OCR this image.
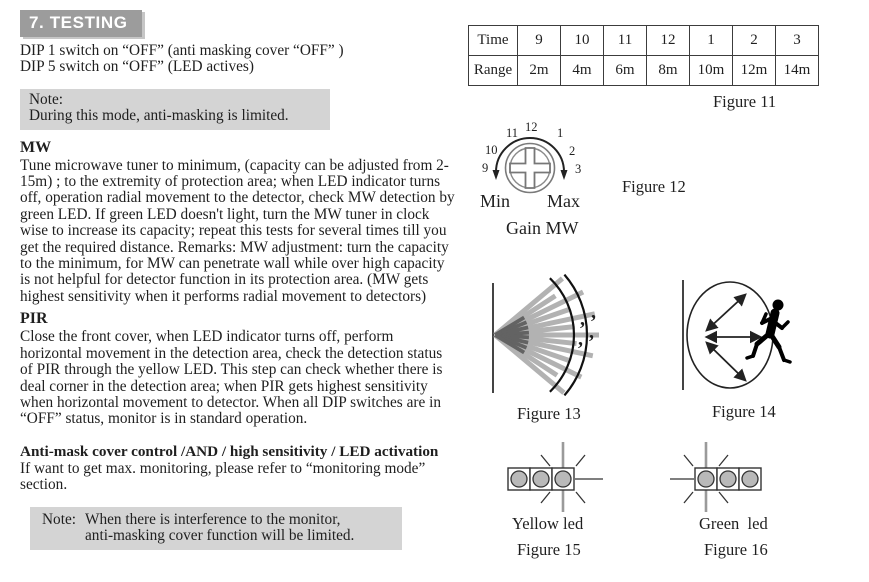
7. TESTING
DIP 1 switch on “OFF” (anti masking cover “OFF” )
DIP 5 switch on “OFF” (LED actives)
Note:
During this mode, anti-masking is limited.
MW
Tune microwave tuner to minimum, (capacity can be adjusted from 2-15m) ; to the extremity of protection area; when LED indicator turns off, operation radial movement to the detector, check MW detection by green LED. If green LED doesn't light, turn the MW tuner in clock wise to increase its capacity; repeat this tests for several times till you get the required distance. Remarks: MW adjustment: turn the capacity to the minimum, for MW can penetrate wall while over high capacity is not helpful for detector function in its protection area. (MW gets highest sensitivity when it performs radial movement to detectors)
PIR
Close the front cover, when LED indicator turns off, perform horizontal movement in the detection area, check the detection status of PIR through the yellow LED. This step can check whether there is deal corner in the detection area; when PIR gets highest sensitivity when horizontal movement to detector. When all DIP switches are in “OFF” status, monitor is in standard operation.
Anti-mask cover control /AND / high sensitivity / LED activation
If want to get max. monitoring, please refer to “monitoring mode” section.
Note: When there is interference to the monitor,
anti-masking cover function will be limited.
Time	9	10	11	12	1	2	3
Range	2m	4m	6m	8m	10m	12m	14m
Figure 11
9
10
11 12 1
2
3
Min Max
Gain MW
Figure 12
’ ’
’ ’
Figure 13	Figure 14
Yellow led
Figure 15
Green  led
Figure 16
